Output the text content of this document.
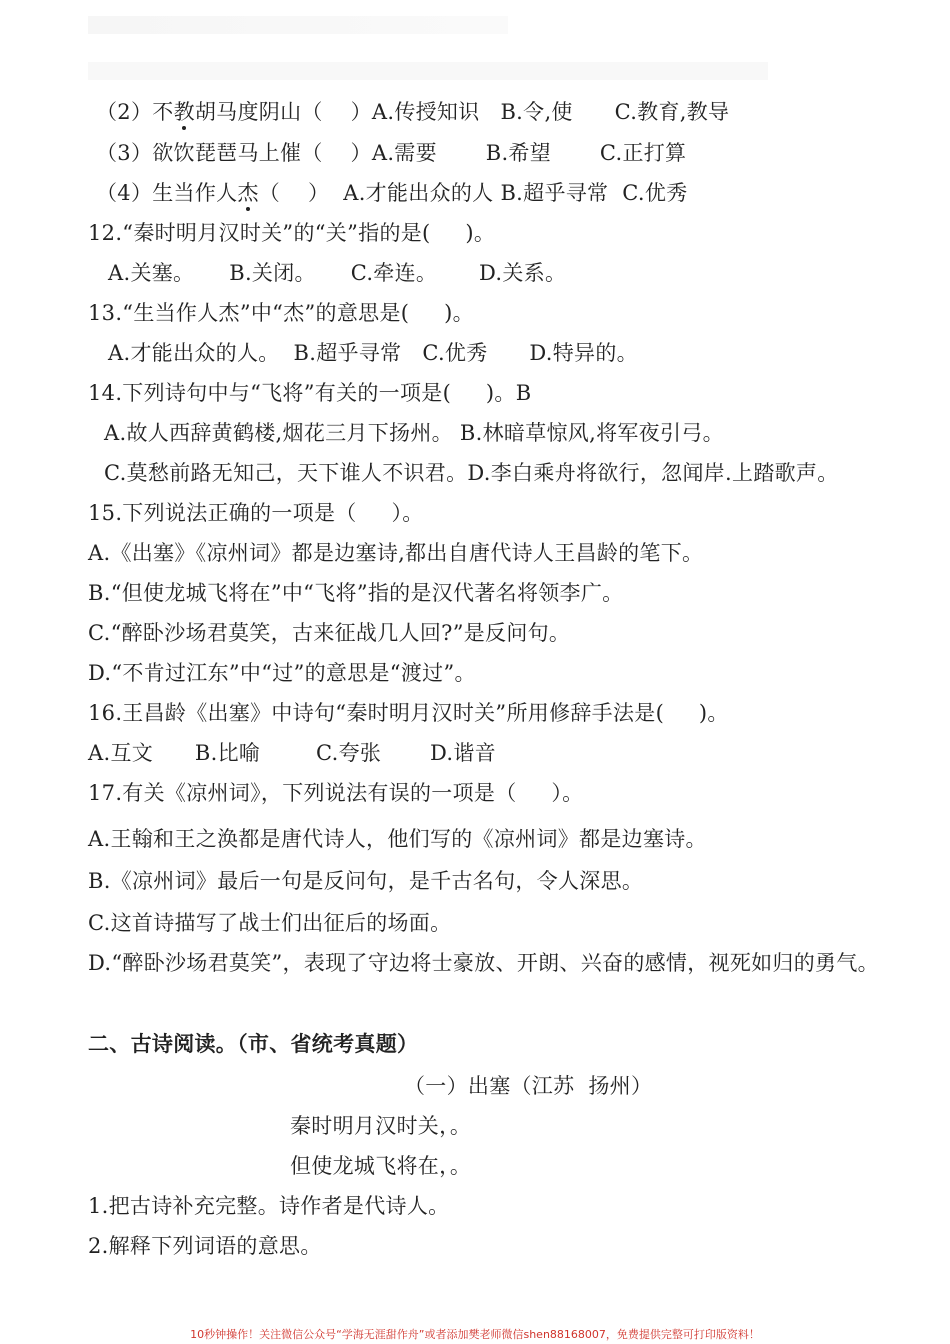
（2）不教胡马度阴山（    ）A.传授知识   B.令,使      C.教育,教导
（3）欲饮琵琶马上催（    ）A.需要       B.希望       C.正打算
（4）生当作人杰（    ）  A.才能出众的人 B.超乎寻常  C.优秀
12.“秦时明月汉时关”的“关”指的是(     )。
A.关塞。     B.关闭。     C.牵连。      D.关系。
13.“生当作人杰”中“杰”的意思是(     )。
A.才能出众的人。  B.超乎寻常   C.优秀      D.特异的。
14.下列诗句中与“飞将”有关的一项是(     )。B
A.故人西辞黄鹤楼,烟花三月下扬州。 B.林暗草惊风,将军夜引弓。
C.莫愁前路无知己，天下谁人不识君。D.李白乘舟将欲行，忽闻岸.上踏歌声。
15.下列说法正确的一项是（     ）。
A.《出塞》《凉州词》都是边塞诗,都出自唐代诗人王昌龄的笔下。
B.“但使龙城飞将在”中“飞将”指的是汉代著名将领李广。
C.“醉卧沙场君莫笑，古来征战几人回?”是反问句。
D.“不肯过江东”中“过”的意思是“渡过”。
16.王昌龄《出塞》中诗句“秦时明月汉时关”所用修辞手法是(     )。
A.互文      B.比喻        C.夸张       D.谐音
17.有关《凉州词》，下列说法有误的一项是（     ）。
A.王翰和王之涣都是唐代诗人，他们写的《凉州词》都是边塞诗。
B.《凉州词》最后一句是反问句，是千古名句，令人深思。
C.这首诗描写了战士们出征后的场面。
D.“醉卧沙场君莫笑”，表现了守边将士豪放、开朗、兴奋的感情，视死如归的勇气。
二、古诗阅读。（市、省统考真题）
（一）出塞（江苏  扬州）
秦时明月汉时关，。
但使龙城飞将在，。
1.把古诗补充完整。诗作者是代诗人。
2.解释下列词语的意思。
10秒钟操作！关注微信公众号“学海无涯甜作舟”或者添加樊老师微信shen88168007，免费提供完整可打印版资料！
